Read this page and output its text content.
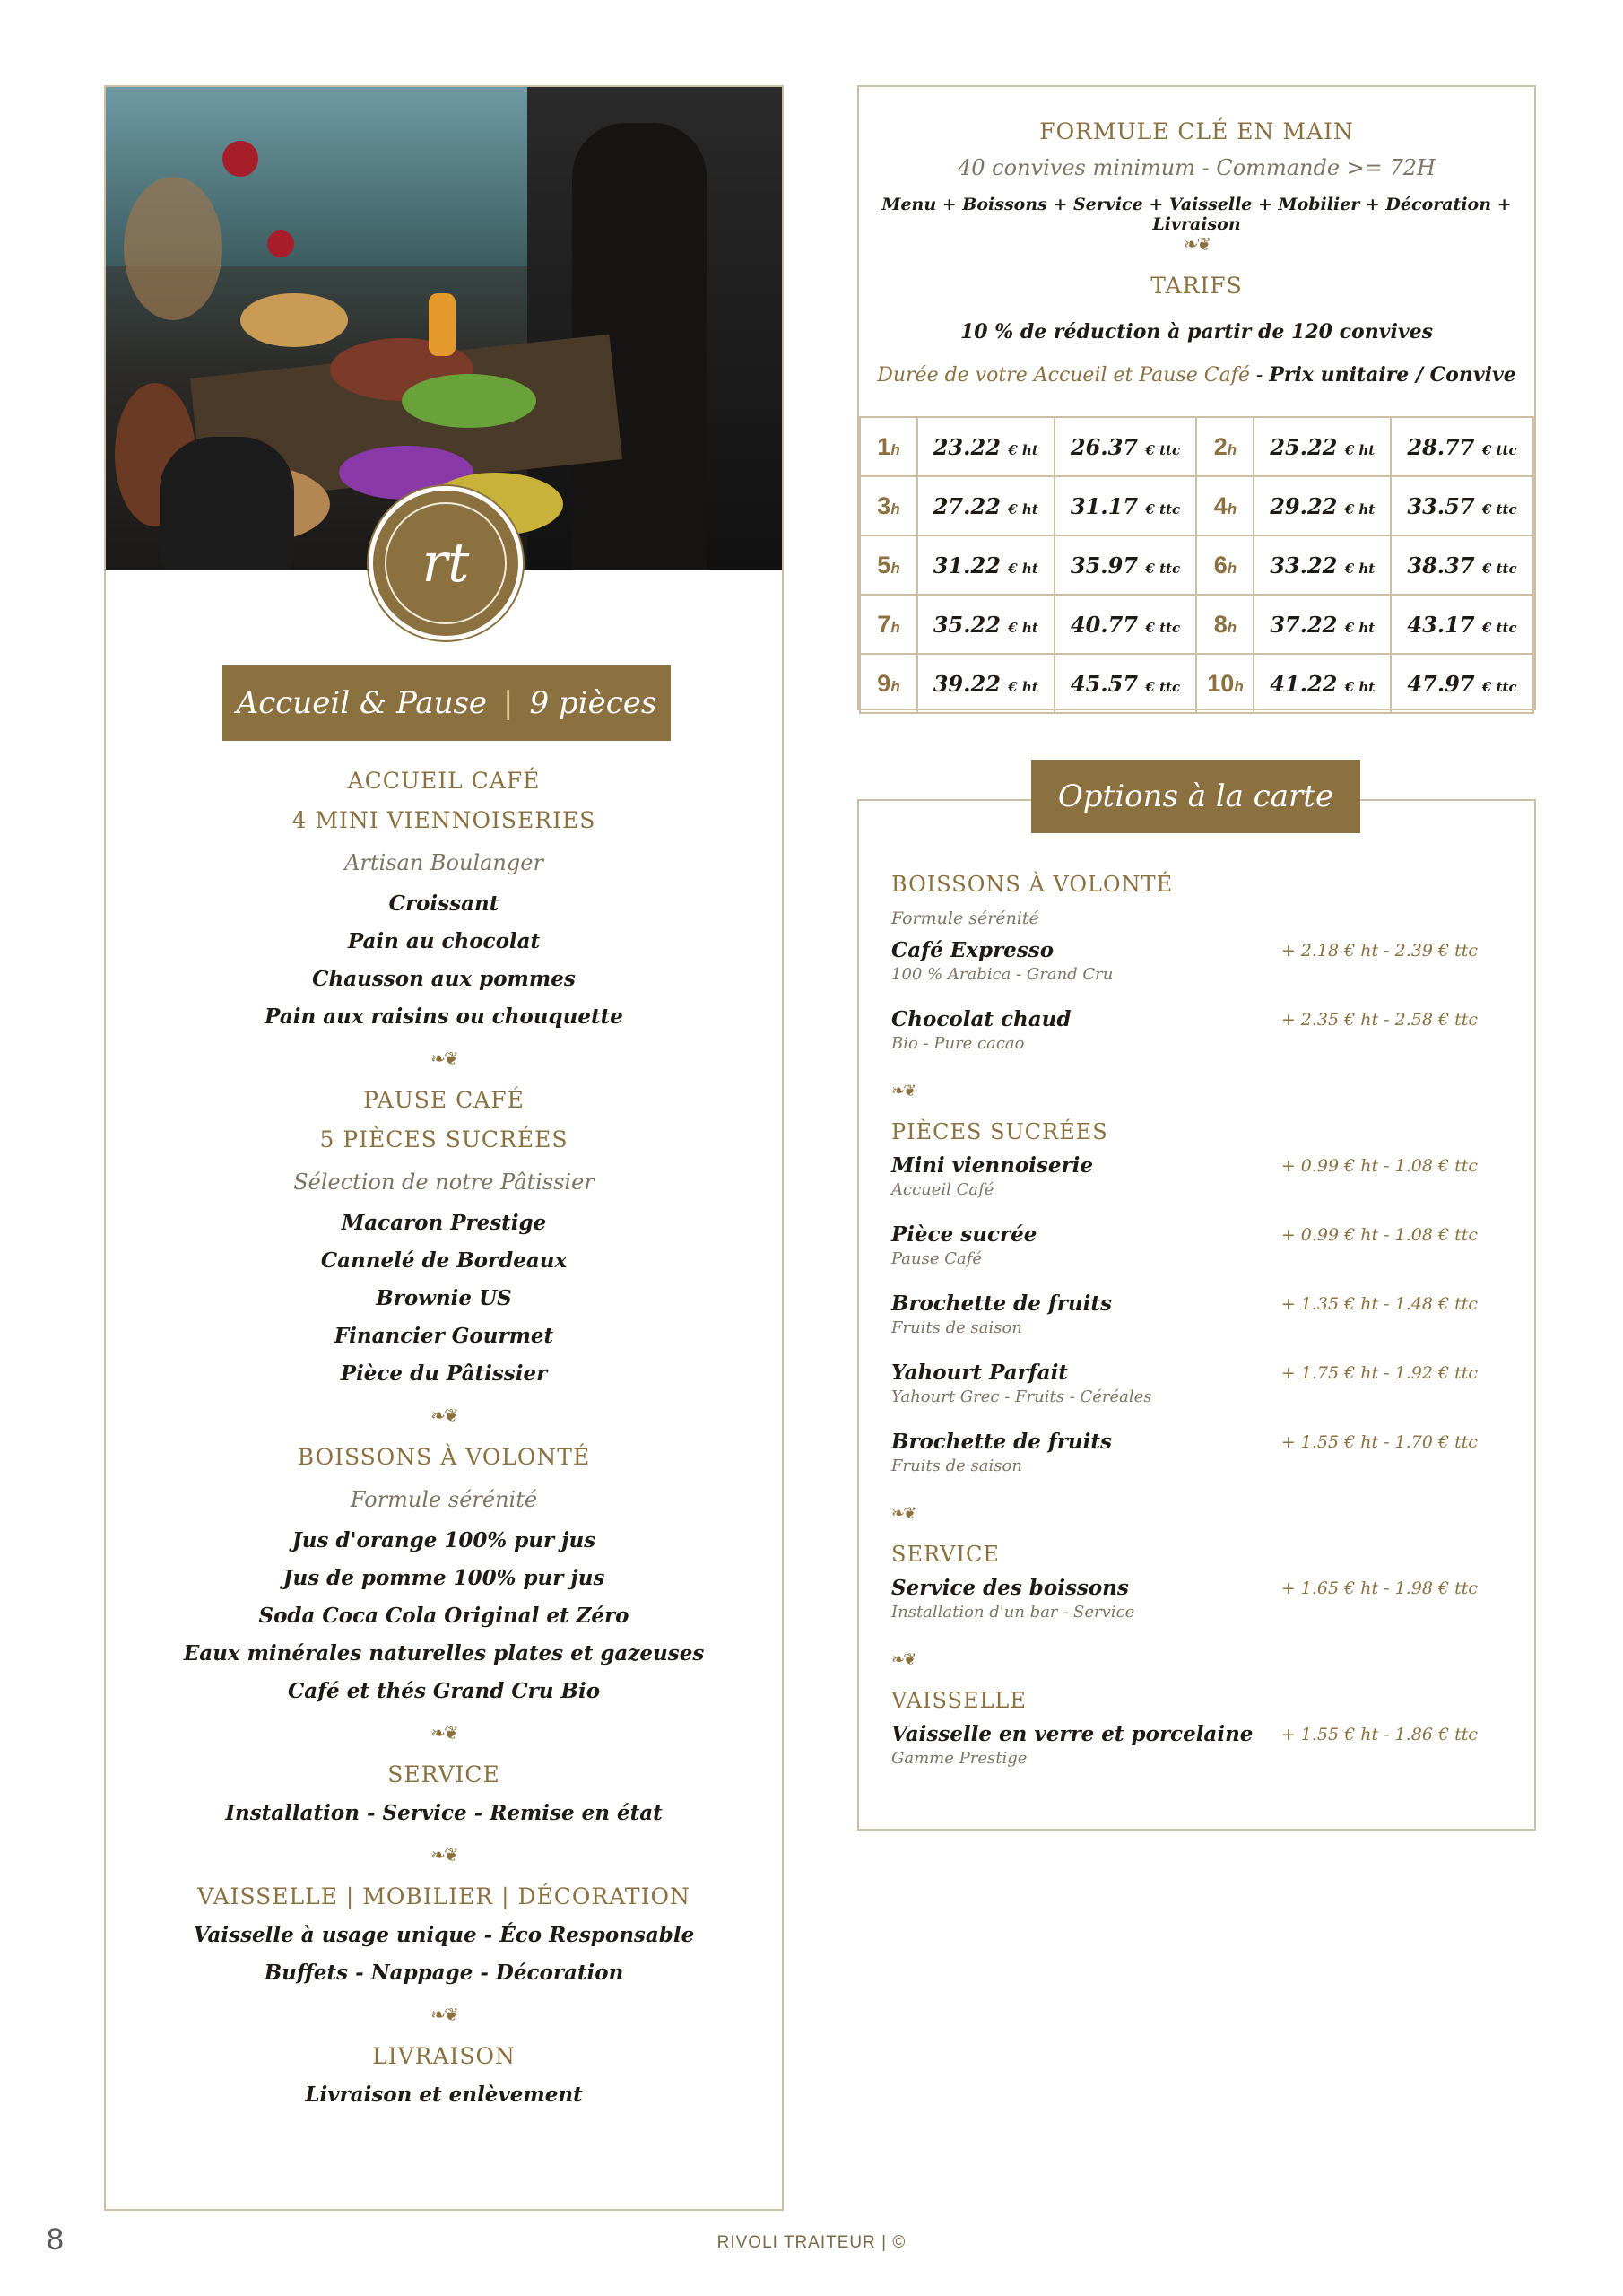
rt
Accueil & Pause | 9 pièces
ACCUEIL CAFÉ
4 MINI VIENNOISERIES
Artisan Boulanger
Croissant
Pain au chocolat
Chausson aux pommes
Pain aux raisins ou chouquette
❧❦
PAUSE CAFÉ
5 PIÈCES SUCRÉES
Sélection de notre Pâtissier
Macaron Prestige
Cannelé de Bordeaux
Brownie US
Financier Gourmet
Pièce du Pâtissier
❧❦
BOISSONS À VOLONTÉ
Formule sérénité
Jus d'orange 100% pur jus
Jus de pomme 100% pur jus
Soda Coca Cola Original et Zéro
Eaux minérales naturelles plates et gazeuses
Café et thés Grand Cru Bio
❧❦
SERVICE
Installation - Service - Remise en état
❧❦
VAISSELLE | MOBILIER | DÉCORATION
Vaisselle à usage unique - Éco Responsable
Buffets - Nappage - Décoration
❧❦
LIVRAISON
Livraison et enlèvement
FORMULE CLÉ EN MAIN
40 convives minimum - Commande >= 72H
Menu + Boissons + Service + Vaisselle + Mobilier + Décoration + Livraison
❧❦
TARIFS
10 % de réduction à partir de 120 convives
Durée de votre Accueil et Pause Café - Prix unitaire / Convive
1h	23.22 € ht	26.37 € ttc	2h	25.22 € ht	28.77 € ttc
3h	27.22 € ht	31.17 € ttc	4h	29.22 € ht	33.57 € ttc
5h	31.22 € ht	35.97 € ttc	6h	33.22 € ht	38.37 € ttc
7h	35.22 € ht	40.77 € ttc	8h	37.22 € ht	43.17 € ttc
9h	39.22 € ht	45.57 € ttc	10h	41.22 € ht	47.97 € ttc
BOISSONS À VOLONTÉ
Formule sérénité
Café Expresso
100 % Arabica - Grand Cru
+ 2.18 € ht - 2.39 € ttc
Chocolat chaud
Bio - Pure cacao
+ 2.35 € ht - 2.58 € ttc
❧❦
PIÈCES SUCRÉES
Mini viennoiserie
Accueil Café
+ 0.99 € ht - 1.08 € ttc
Pièce sucrée
Pause Café
+ 0.99 € ht - 1.08 € ttc
Brochette de fruits
Fruits de saison
+ 1.35 € ht - 1.48 € ttc
Yahourt Parfait
Yahourt Grec - Fruits - Céréales
+ 1.75 € ht - 1.92 € ttc
Brochette de fruits
Fruits de saison
+ 1.55 € ht - 1.70 € ttc
❧❦
SERVICE
Service des boissons
Installation d'un bar - Service
+ 1.65 € ht - 1.98 € ttc
❧❦
VAISSELLE
Vaisselle en verre et porcelaine
Gamme Prestige
+ 1.55 € ht - 1.86 € ttc
Options à la carte
8	RIVOLI TRAITEUR | ©
